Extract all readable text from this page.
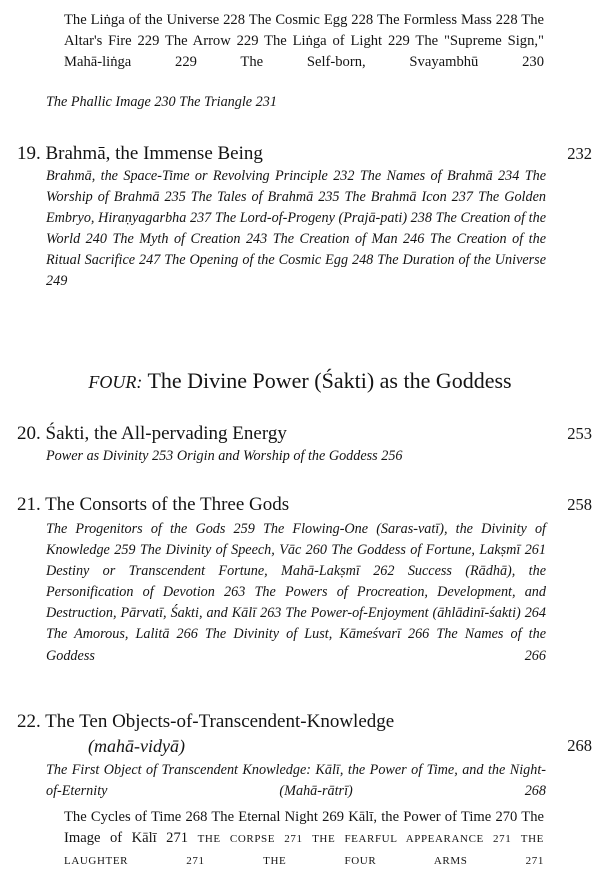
The Liṅga of the Universe 228 The Cosmic Egg 228 The Formless Mass 228 The Altar's Fire 229 The Arrow 229 The Liṅga of Light 229 The "Supreme Sign," Mahā-liṅga 229 The Self-born, Svayambhū 230
The Phallic Image 230 The Triangle 231
19. Brahmā, the Immense Being	232
Brahmā, the Space-Time or Revolving Principle 232 The Names of Brahmā 234 The Worship of Brahmā 235 The Tales of Brahmā 235 The Brahmā Icon 237 The Golden Embryo, Hiraṇyagarbha 237 The Lord-of-Progeny (Prajā-pati) 238 The Creation of the World 240 The Myth of Creation 243 The Creation of Man 246 The Creation of the Ritual Sacrifice 247 The Opening of the Cosmic Egg 248 The Duration of the Universe 249
FOUR: The Divine Power (Śakti) as the Goddess
20. Śakti, the All-pervading Energy	253
Power as Divinity 253 Origin and Worship of the Goddess 256
21. The Consorts of the Three Gods	258
The Progenitors of the Gods 259 The Flowing-One (Saras-vatī), the Divinity of Knowledge 259 The Divinity of Speech, Vāc 260 The Goddess of Fortune, Lakṣmī 261 Destiny or Transcendent Fortune, Mahā-Lakṣmī 262 Success (Rādhā), the Personification of Devotion 263 The Powers of Procreation, Development, and Destruction, Pārvatī, Śakti, and Kālī 263 The Power-of-Enjoyment (āhlādinī-śakti) 264 The Amorous, Lalitā 266 The Divinity of Lust, Kāmeśvarī 266 The Names of the Goddess 266
22. The Ten Objects-of-Transcendent-Knowledge
(mahā-vidyā)	268
The First Object of Transcendent Knowledge: Kālī, the Power of Time, and the Night-of-Eternity (Mahā-rātrī) 268
The Cycles of Time 268 The Eternal Night 269 Kālī, the Power of Time 270 The Image of Kālī 271 THE CORPSE 271 THE FEARFUL APPEARANCE 271 THE LAUGHTER 271	THE FOUR ARMS 271
